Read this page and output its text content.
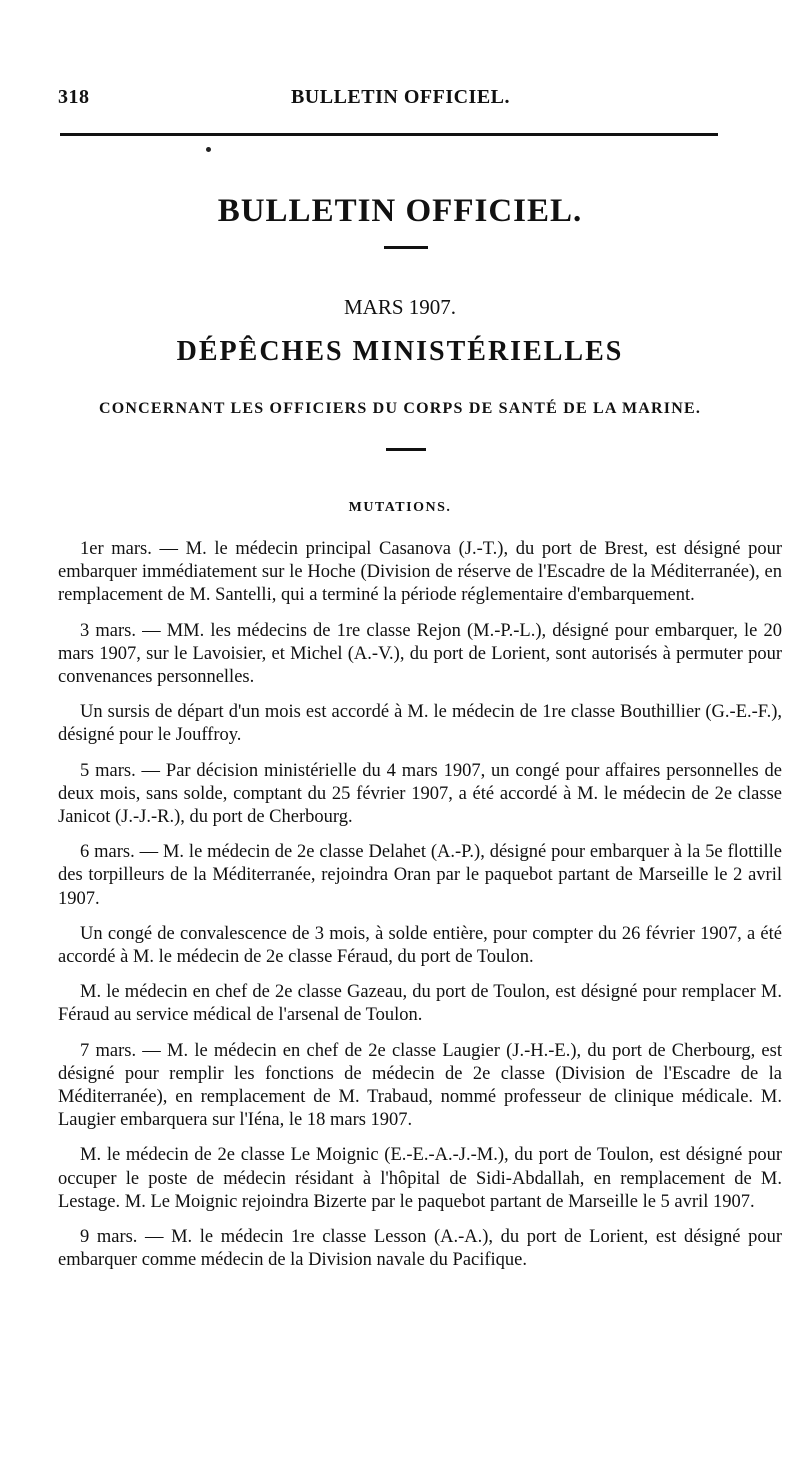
318	BULLETIN OFFICIEL.
BULLETIN OFFICIEL.
MARS 1907.
DÉPÊCHES MINISTÉRIELLES
CONCERNANT LES OFFICIERS DU CORPS DE SANTÉ DE LA MARINE.
MUTATIONS.

1er mars. — M. le médecin principal Casanova (J.-T.), du port de Brest, est désigné pour embarquer immédiatement sur le Hoche (Division de réserve de l'Escadre de la Méditerranée), en remplacement de M. Santelli, qui a terminé la période réglementaire d'embarquement.

3 mars. — MM. les médecins de 1re classe Rejon (M.-P.-L.), désigné pour embarquer, le 20 mars 1907, sur le Lavoisier, et Michel (A.-V.), du port de Lorient, sont autorisés à permuter pour convenances personnelles.

Un sursis de départ d'un mois est accordé à M. le médecin de 1re classe Bouthillier (G.-E.-F.), désigné pour le Jouffroy.

5 mars. — Par décision ministérielle du 4 mars 1907, un congé pour affaires personnelles de deux mois, sans solde, comptant du 25 février 1907, a été accordé à M. le médecin de 2e classe Janicot (J.-J.-R.), du port de Cherbourg.

6 mars. — M. le médecin de 2e classe Delahet (A.-P.), désigné pour embarquer à la 5e flottille des torpilleurs de la Méditerranée, rejoindra Oran par le paquebot partant de Marseille le 2 avril 1907.

Un congé de convalescence de 3 mois, à solde entière, pour compter du 26 février 1907, a été accordé à M. le médecin de 2e classe Féraud, du port de Toulon.

M. le médecin en chef de 2e classe Gazeau, du port de Toulon, est désigné pour remplacer M. Féraud au service médical de l'arsenal de Toulon.

7 mars. — M. le médecin en chef de 2e classe Laugier (J.-H.-E.), du port de Cherbourg, est désigné pour remplir les fonctions de médecin de 2e classe (Division de l'Escadre de la Méditerranée), en remplacement de M. Trabaud, nommé professeur de clinique médicale. M. Laugier embarquera sur l'Iéna, le 18 mars 1907.

M. le médecin de 2e classe Le Moignic (E.-E.-A.-J.-M.), du port de Toulon, est désigné pour occuper le poste de médecin résidant à l'hôpital de Sidi-Abdallah, en remplacement de M. Lestage. M. Le Moignic rejoindra Bizerte par le paquebot partant de Marseille le 5 avril 1907.

9 mars. — M. le médecin 1re classe Lesson (A.-A.), du port de Lorient, est désigné pour embarquer comme médecin de la Division navale du Pacifique.
